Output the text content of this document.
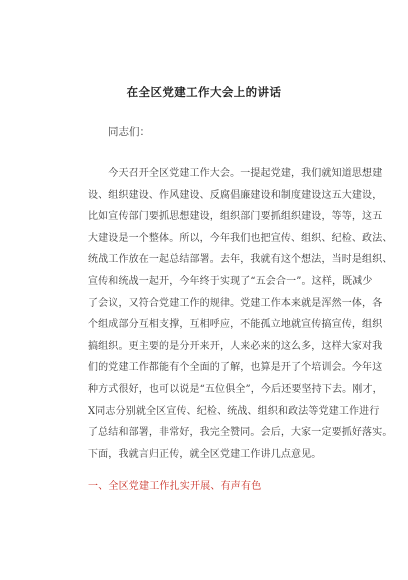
在全区党建工作大会上的讲话
同志们：
　　今天召开全区党建工作大会。一提起党建，我们就知道思想建
设、组织建设、作风建设、反腐倡廉建设和制度建设这五大建设，
比如宣传部门要抓思想建设，组织部门要抓组织建设，等等，这五
大建设是一个整体。所以，今年我们也把宣传、组织、纪检、政法、
统战工作放在一起总结部署。去年，我就有这个想法，当时是组织、
宣传和统战一起开，今年终于实现了“五会合一”。这样，既减少
了会议，又符合党建工作的规律。党建工作本来就是浑然一体，各
个组成部分互相支撑，互相呼应，不能孤立地就宣传搞宣传，组织
搞组织。更主要的是分开来开，人来必来的这么多，这样大家对我
们的党建工作都能有个全面的了解，也算是开了个培训会。今年这
种方式很好，也可以说是“五位俱全”，今后还要坚持下去。刚才，
X同志分别就全区宣传、纪检、统战、组织和政法等党建工作进行
了总结和部署，非常好，我完全赞同。会后，大家一定要抓好落实。
下面，我就言归正传，就全区党建工作讲几点意见。
一、全区党建工作扎实开展、有声有色
